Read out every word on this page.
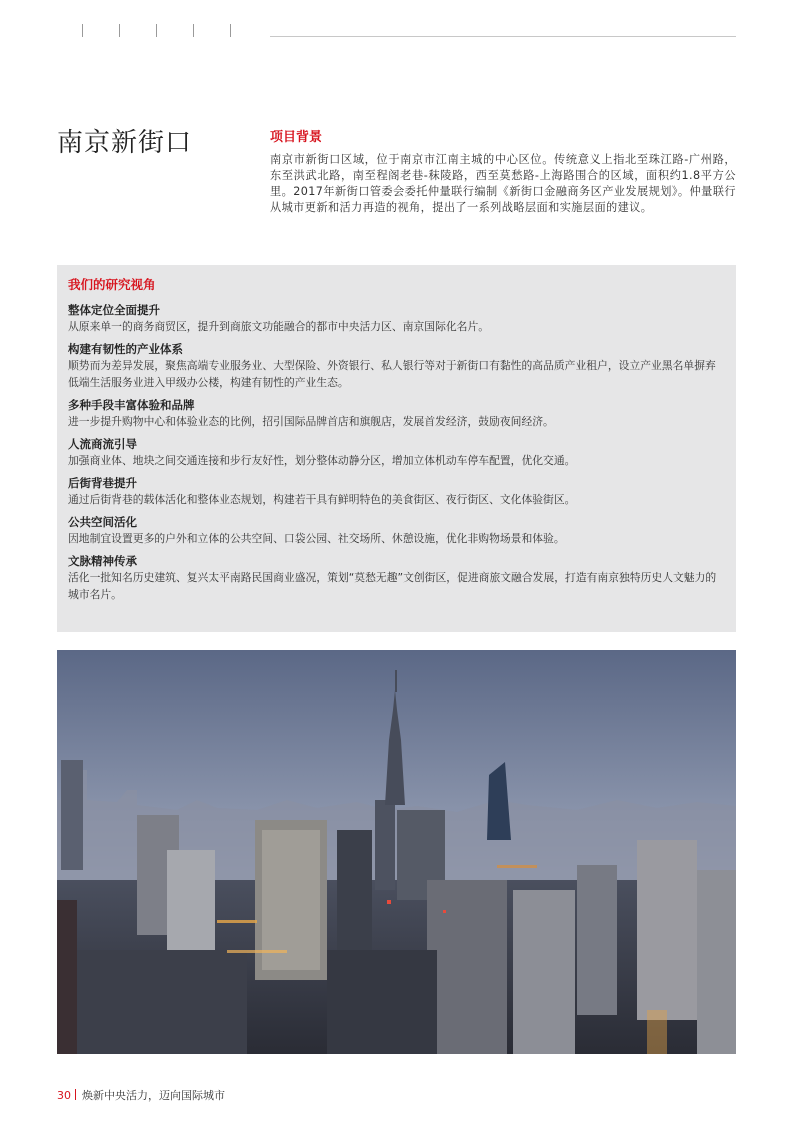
南京新街口	项目背景

南京市新街口区域，位于南京市江南主城的中心区位。传统意义上指北至珠江路-广州路，东至洪武北路，南至程阁老巷-秣陵路，西至莫愁路-上海路围合的区域，面积约1.8平方公里。2017年新街口管委会委托仲量联行编制《新街口金融商务区产业发展规划》。仲量联行从城市更新和活力再造的视角，提出了一系列战略层面和实施层面的建议。

我们的研究视角

整体定位全面提升

从原来单一的商务商贸区，提升到商旅文功能融合的都市中央活力区、南京国际化名片。

构建有韧性的产业体系

顺势而为差异发展，聚焦高端专业服务业、大型保险、外资银行、私人银行等对于新街口有黏性的高品质产业租户，设立产业黑名单摒弃低端生活服务业进入甲级办公楼，构建有韧性的产业生态。

多种手段丰富体验和品牌

进一步提升购物中心和体验业态的比例，招引国际品牌首店和旗舰店，发展首发经济，鼓励夜间经济。

人流商流引导

加强商业体、地块之间交通连接和步行友好性，划分整体动静分区，增加立体机动车停车配置，优化交通。

后街背巷提升

通过后街背巷的载体活化和整体业态规划，构建若干具有鲜明特色的美食街区、夜行街区、文化体验街区。

公共空间活化

因地制宜设置更多的户外和立体的公共空间、口袋公园、社交场所、休憩设施，优化非购物场景和体验。

文脉精神传承

活化一批知名历史建筑、复兴太平南路民国商业盛况，策划“莫愁无趣”文创街区，促进商旅文融合发展，打造有南京独特历史人文魅力的城市名片。

30 焕新中央活力，迈向国际城市
